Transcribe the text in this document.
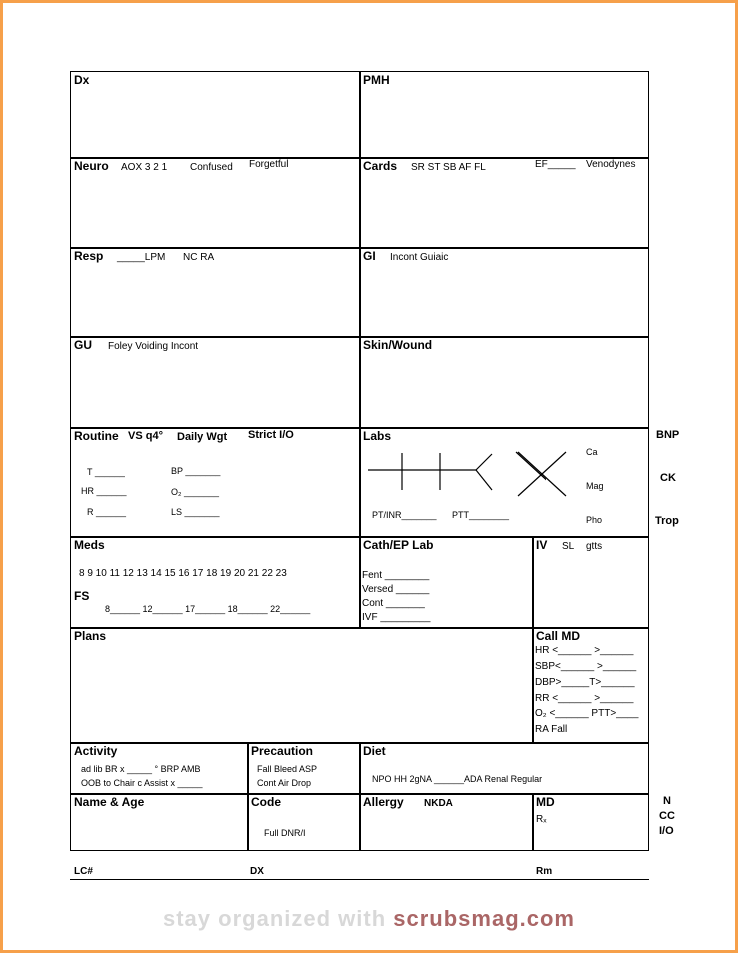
Dx	PMH
Neuro AOX 3 2 1 Confused Forgetful	Cards SR ST SB AF FL	EF_____ Venodynes
Resp _____LPM NC RA	GI Incont Guiaic
GU Foley Voiding Incont	Skin/Wound
Routine VS q4° Daily Wgt Strict I/O
T ______
HR ______
R ______
BP _______
O₂ _______
LS _______
Labs
PT/INR_______ PTT________
Ca
Mag
Pho
BNP
CK
Trop
Meds
8 9 10 11 12 13 14 15 16 17 18 19 20 21 22 23
FS
8______ 12______ 17______ 18______ 22______
Cath/EP Lab
Fent ________
Versed ______
Cont _______
IVF _________
IV SL gtts
Plans	Call MD
HR <______ >______
SBP<______ >______
DBP>_____T>______
RR <______ >______
O₂ <______ PTT>____
RA Fall
Activity
ad lib BR x _____ ° BRP AMB
OOB to Chair c Assist x _____
Precaution
Fall Bleed ASP
Cont Air Drop
Diet
NPO HH 2gNA ______ADA Renal Regular
Name & Age	Code
Full DNR/I
Allergy NKDA	MD
Rₓ
N
CC
I/O
LC#	DX	Rm
stay organized with scrubsmag.com
